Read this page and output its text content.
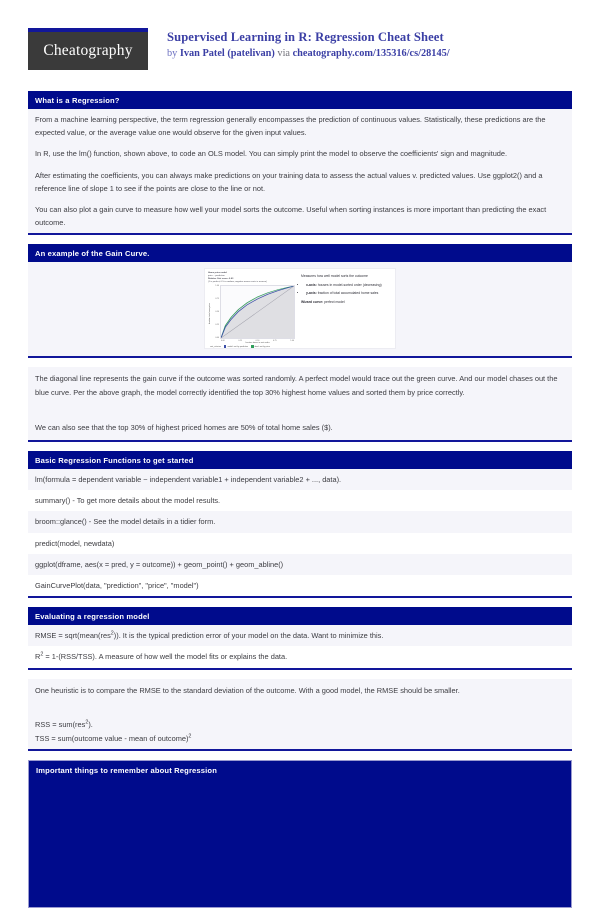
Cheatography
Supervised Learning in R: Regression Cheat Sheet
by Ivan Patel (patelivan) via cheatography.com/135316/cs/28145/
What is a Regression?
From a machine learning perspective, the term regression generally encompasses the prediction of continuous values. Statistically, these predictions are the expected value, or the average value one would observe for the given input values.
In R, use the lm() function, shown above, to code an OLS model. You can simply print the model to observe the coefficients' sign and magnitude.
After estimating the coefficients, you can always make predictions on your training data to assess the actual values v. predicted values. Use ggplot2() and a reference line of slope 1 to see if the points are close to the line or not.
You can also plot a gain curve to measure how well your model sorts the outcome. Useful when sorting instances is more important than predicting the exact outcome.
An example of the Gain Curve.
Home price model
price ~ prediction
Relative Gini score: 0.93
(1 is perfect; 0.5 is random; negative means sorts in reverse)
fraction total sum price
1.00
0.75
0.50
0.25
0.00
0.00	0.25	0.50	0.75	1.00
fraction items in sort order
sort_criterion	model: sort by prediction	ideal: sort by price

Measures how well model sorts the outcome

• x-axis: houses in model-sorted order (decreasing)
• y-axis: fraction of total accumulated home sales

Wizard curve: perfect model

The diagonal line represents the gain curve if the outcome was sorted randomly. A perfect model would trace out the green curve. And our model chases out the blue curve. Per the above graph, the model correctly identified the top 30% highest home values and sorted them by price correctly.
We can also see that the top 30% of highest priced homes are 50% of total home sales ($).
Basic Regression Functions to get started
lm(formula = dependent variable ~ independent variable1 + independent variable2 + ..., data).
summary() - To get more details about the model results.
broom::glance() - See the model details in a tidier form.
predict(model, newdata)
ggplot(dframe, aes(x = pred, y = outcome)) + geom_point() + geom_abline()
GainCurvePlot(data, "prediction", "price", "model")
Evaluating a regression model
RMSE = sqrt(mean(res$^2$)). It is the typical prediction error of your model on the data. Want to minimize this.
$R^2 = 1-(RSS/TSS)$. A measure of how well the model fits or explains the data.
One heuristic is to compare the RMSE to the standard deviation of the outcome. With a good model, the RMSE should be smaller.
RSS = sum(res$^2$).
TSS = sum(outcome value - mean of outcome)$^2$
Important things to remember about Regression
